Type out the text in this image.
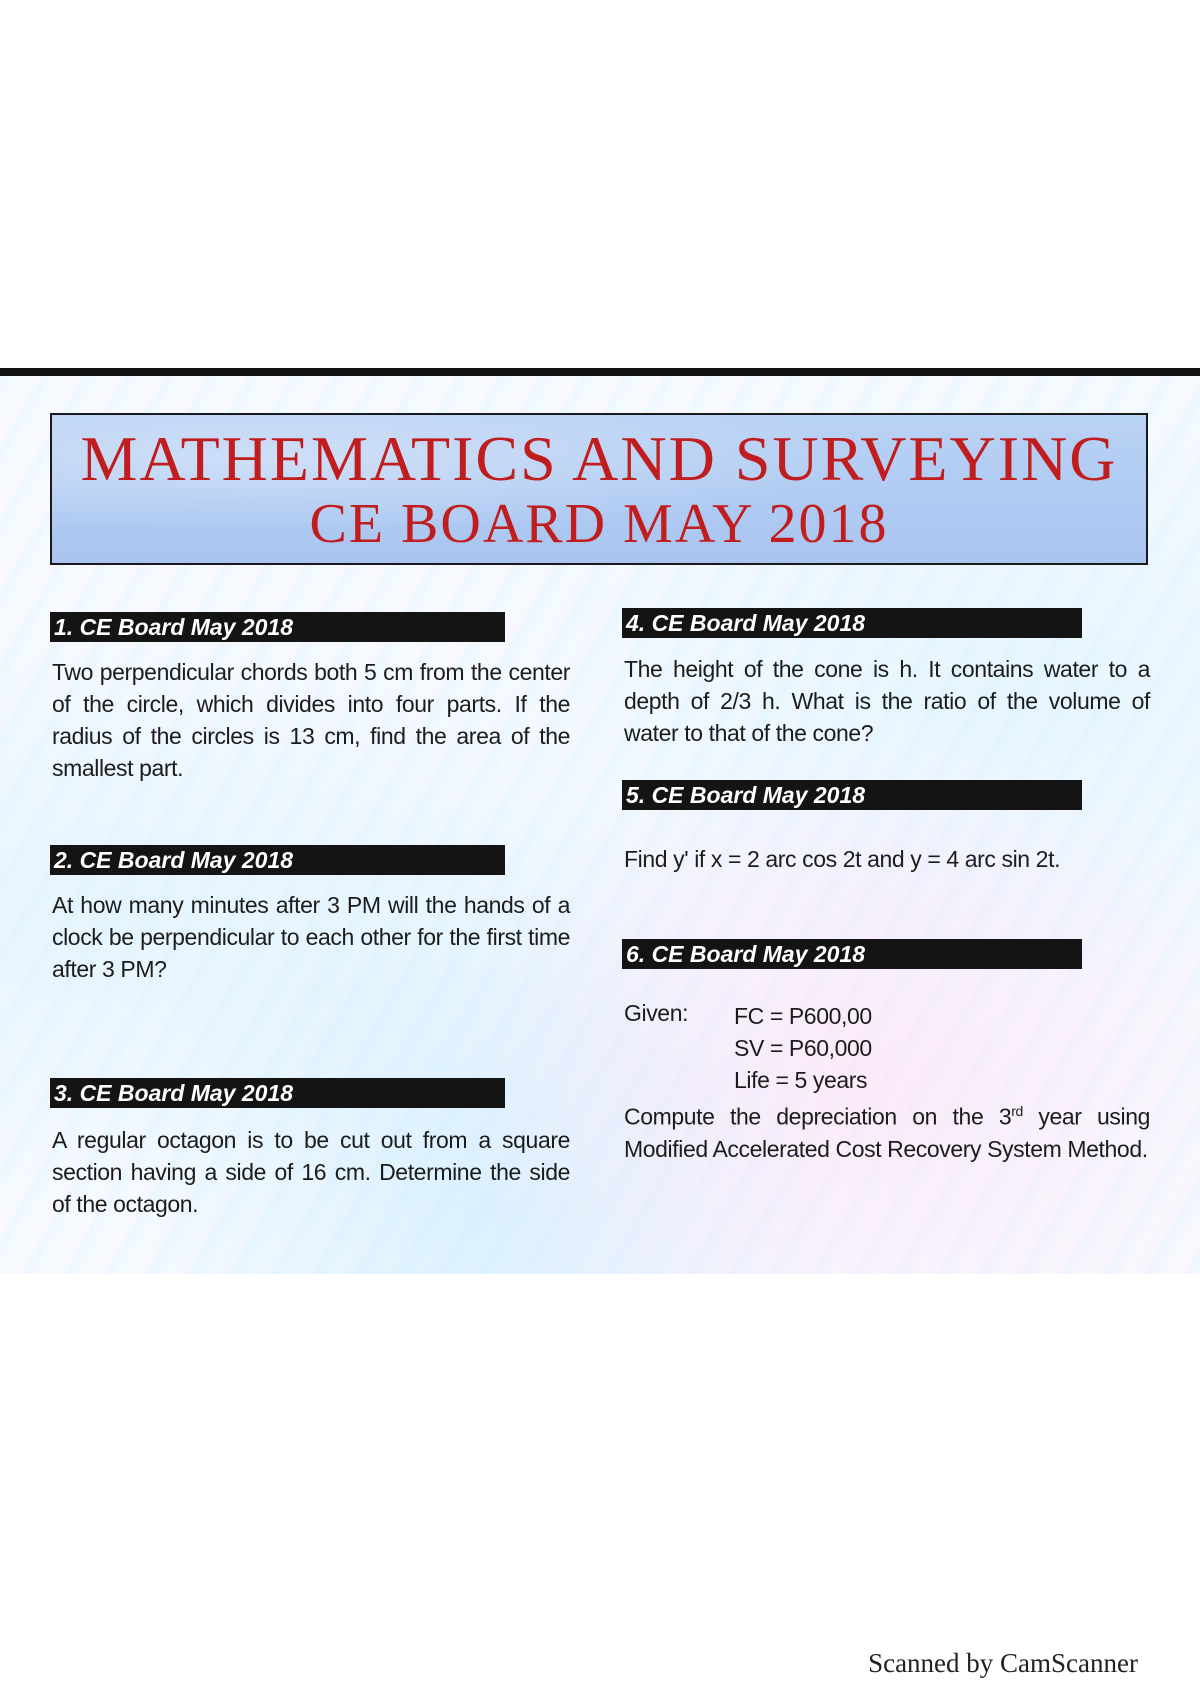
MATHEMATICS AND SURVEYING
CE BOARD MAY 2018
1. CE Board May 2018
Two perpendicular chords both 5 cm from the center of the circle, which divides into four parts. If the radius of the circles is 13 cm, find the area of the smallest part.
2. CE Board May 2018
At how many minutes after 3 PM will the hands of a clock be perpendicular to each other for the first time after 3 PM?
3. CE Board May 2018
A regular octagon is to be cut out from a square section having a side of 16 cm. Determine the side of the octagon.
4. CE Board May 2018
The height of the cone is h. It contains water to a depth of 2/3 h. What is the ratio of the volume of water to that of the cone?
5. CE Board May 2018
Find y' if x = 2 arc cos 2t and y = 4 arc sin 2t.
6. CE Board May 2018
Given: FC = P600,00
SV = P60,000
Life = 5 years
Compute the depreciation on the 3rd year using Modified Accelerated Cost Recovery System Method.
Scanned by CamScanner
